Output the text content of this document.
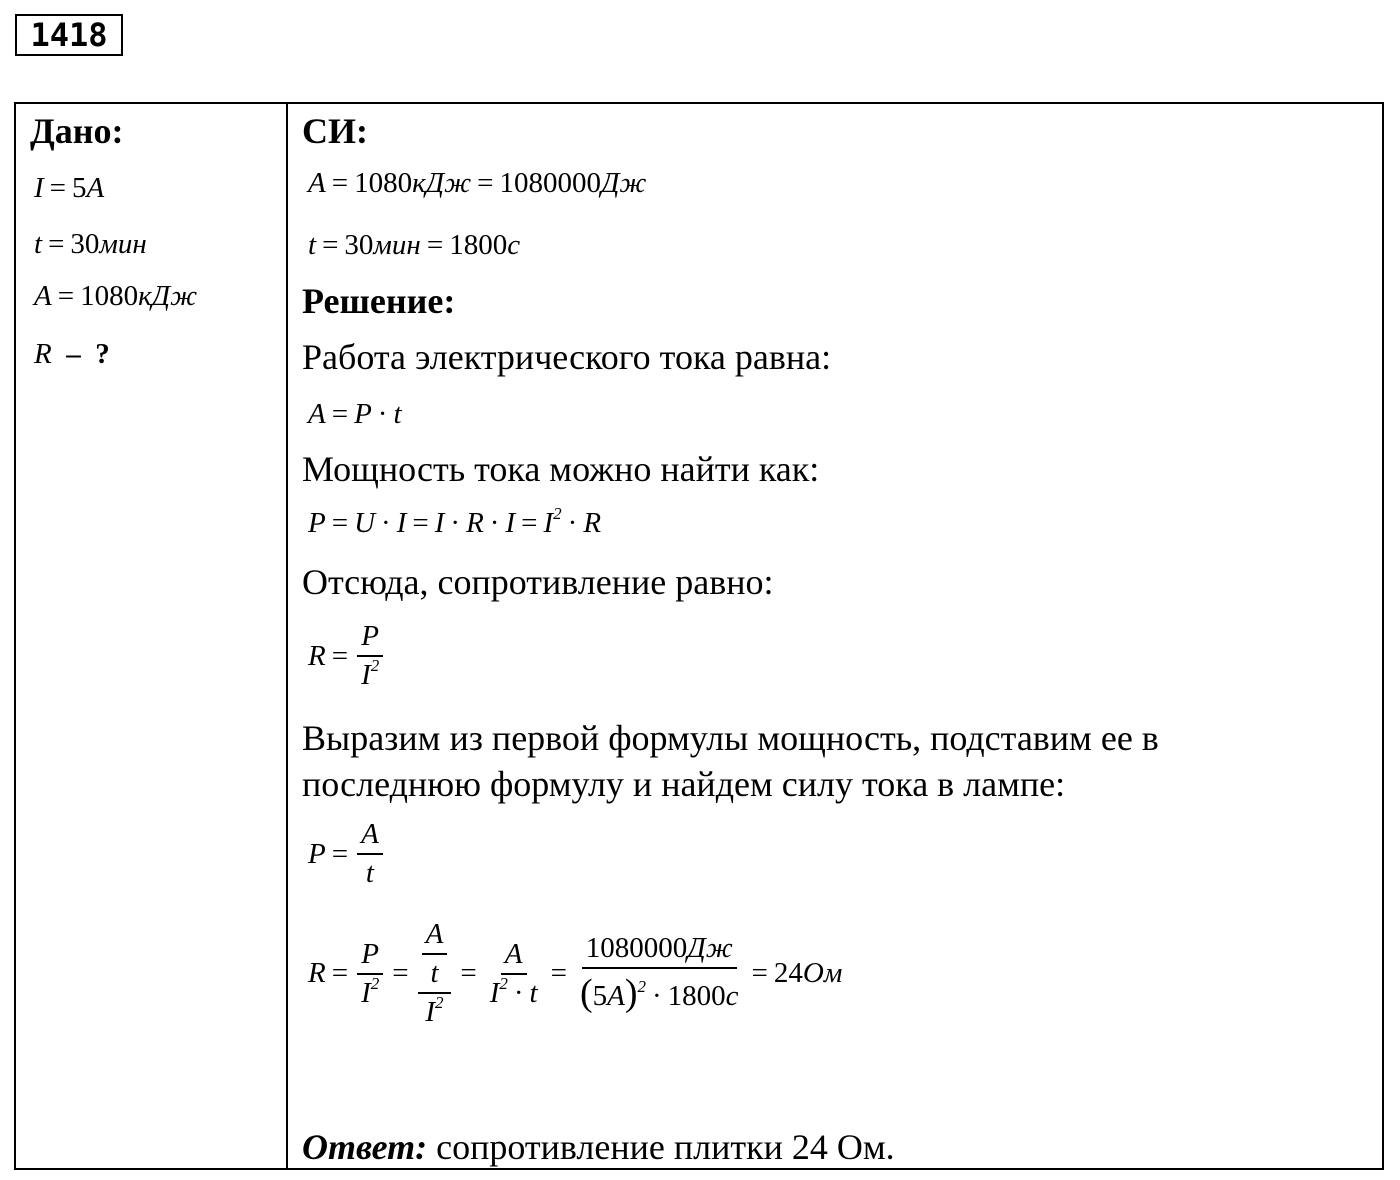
1418
Дано:
I = 5A
t = 30мин
A = 1080кДж
R  –  ?
СИ:
A = 1080кДж = 1080000Дж
t = 30мин = 1800с
Решение:
Работа электрического тока равна:
A = P · t
Мощность тока можно найти как:
$P = U \cdot I = I \cdot R \cdot I = I^2 \cdot R$
Отсюда, сопротивление равно:
$R = \frac{P}{I^2}$
Выразим из первой формулы мощность, подставим ее в
последнюю формулу и найдем силу тока в лампе:
$P = \frac{A}{t}$
$R = \frac{P}{I^2} = \frac{\frac{A}{t}}{I^2} = \frac{A}{I^2 \cdot t} = \frac{1080000Дж}{(5A)^2 \cdot 1800с} = 24$ Ом
Ответ: сопротивление плитки 24 Ом.
